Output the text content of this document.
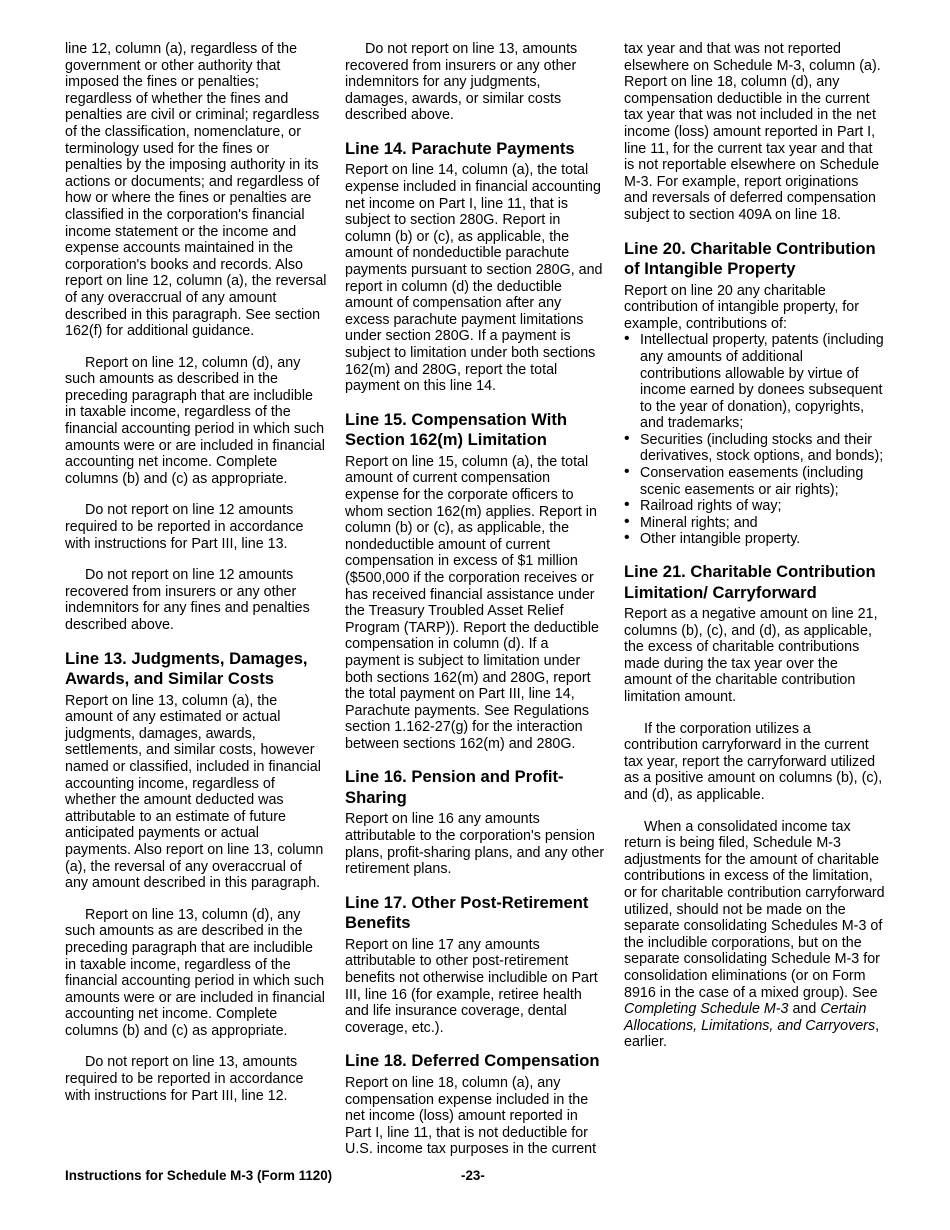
line 12, column (a), regardless of the government or other authority that imposed the fines or penalties; regardless of whether the fines and penalties are civil or criminal; regardless of the classification, nomenclature, or terminology used for the fines or penalties by the imposing authority in its actions or documents; and regardless of how or where the fines or penalties are classified in the corporation's financial income statement or the income and expense accounts maintained in the corporation's books and records. Also report on line 12, column (a), the reversal of any overaccrual of any amount described in this paragraph. See section 162(f) for additional guidance.

Report on line 12, column (d), any such amounts as described in the preceding paragraph that are includible in taxable income, regardless of the financial accounting period in which such amounts were or are included in financial accounting net income. Complete columns (b) and (c) as appropriate.

Do not report on line 12 amounts required to be reported in accordance with instructions for Part III, line 13.

Do not report on line 12 amounts recovered from insurers or any other indemnitors for any fines and penalties described above.

Line 13. Judgments, Damages, Awards, and Similar Costs

Report on line 13, column (a), the amount of any estimated or actual judgments, damages, awards, settlements, and similar costs, however named or classified, included in financial accounting income, regardless of whether the amount deducted was attributable to an estimate of future anticipated payments or actual payments. Also report on line 13, column (a), the reversal of any overaccrual of any amount described in this paragraph.

Report on line 13, column (d), any such amounts as are described in the preceding paragraph that are includible in taxable income, regardless of the financial accounting period in which such amounts were or are included in financial accounting net income. Complete columns (b) and (c) as appropriate.

Do not report on line 13, amounts required to be reported in accordance with instructions for Part III, line 12.

Do not report on line 13, amounts recovered from insurers or any other indemnitors for any judgments, damages, awards, or similar costs described above.

Line 14. Parachute Payments

Report on line 14, column (a), the total expense included in financial accounting net income on Part I, line 11, that is subject to section 280G. Report in column (b) or (c), as applicable, the amount of nondeductible parachute payments pursuant to section 280G, and report in column (d) the deductible amount of compensation after any excess parachute payment limitations under section 280G. If a payment is subject to limitation under both sections 162(m) and 280G, report the total payment on this line 14.

Line 15. Compensation With Section 162(m) Limitation

Report on line 15, column (a), the total amount of current compensation expense for the corporate officers to whom section 162(m) applies. Report in column (b) or (c), as applicable, the nondeductible amount of current compensation in excess of $1 million ($500,000 if the corporation receives or has received financial assistance under the Treasury Troubled Asset Relief Program (TARP)). Report the deductible compensation in column (d). If a payment is subject to limitation under both sections 162(m) and 280G, report the total payment on Part III, line 14, Parachute payments. See Regulations section 1.162-27(g) for the interaction between sections 162(m) and 280G.

Line 16. Pension and Profit-Sharing

Report on line 16 any amounts attributable to the corporation's pension plans, profit-sharing plans, and any other retirement plans.

Line 17. Other Post-Retirement Benefits

Report on line 17 any amounts attributable to other post-retirement benefits not otherwise includible on Part III, line 16 (for example, retiree health and life insurance coverage, dental coverage, etc.).

Line 18. Deferred Compensation

Report on line 18, column (a), any compensation expense included in the net income (loss) amount reported in Part I, line 11, that is not deductible for U.S. income tax purposes in the current

tax year and that was not reported elsewhere on Schedule M-3, column (a). Report on line 18, column (d), any compensation deductible in the current tax year that was not included in the net income (loss) amount reported in Part I, line 11, for the current tax year and that is not reportable elsewhere on Schedule M-3. For example, report originations and reversals of deferred compensation subject to section 409A on line 18.

Line 20. Charitable Contribution of Intangible Property

Report on line 20 any charitable contribution of intangible property, for example, contributions of:

• Intellectual property, patents (including any amounts of additional contributions allowable by virtue of income earned by donees subsequent to the year of donation), copyrights, and trademarks;
• Securities (including stocks and their derivatives, stock options, and bonds);
• Conservation easements (including scenic easements or air rights);
• Railroad rights of way;
• Mineral rights; and
• Other intangible property.
Line 21. Charitable Contribution Limitation/ Carryforward

Report as a negative amount on line 21, columns (b), (c), and (d), as applicable, the excess of charitable contributions made during the tax year over the amount of the charitable contribution limitation amount.

If the corporation utilizes a contribution carryforward in the current tax year, report the carryforward utilized as a positive amount on columns (b), (c), and (d), as applicable.

When a consolidated income tax return is being filed, Schedule M-3 adjustments for the amount of charitable contributions in excess of the limitation, or for charitable contribution carryforward utilized, should not be made on the separate consolidating Schedules M-3 of the includible corporations, but on the separate consolidating Schedule M-3 for consolidation eliminations (or on Form 8916 in the case of a mixed group). See Completing Schedule M-3 and Certain Allocations, Limitations, and Carryovers, earlier.

Instructions for Schedule M-3 (Form 1120)	-23-
